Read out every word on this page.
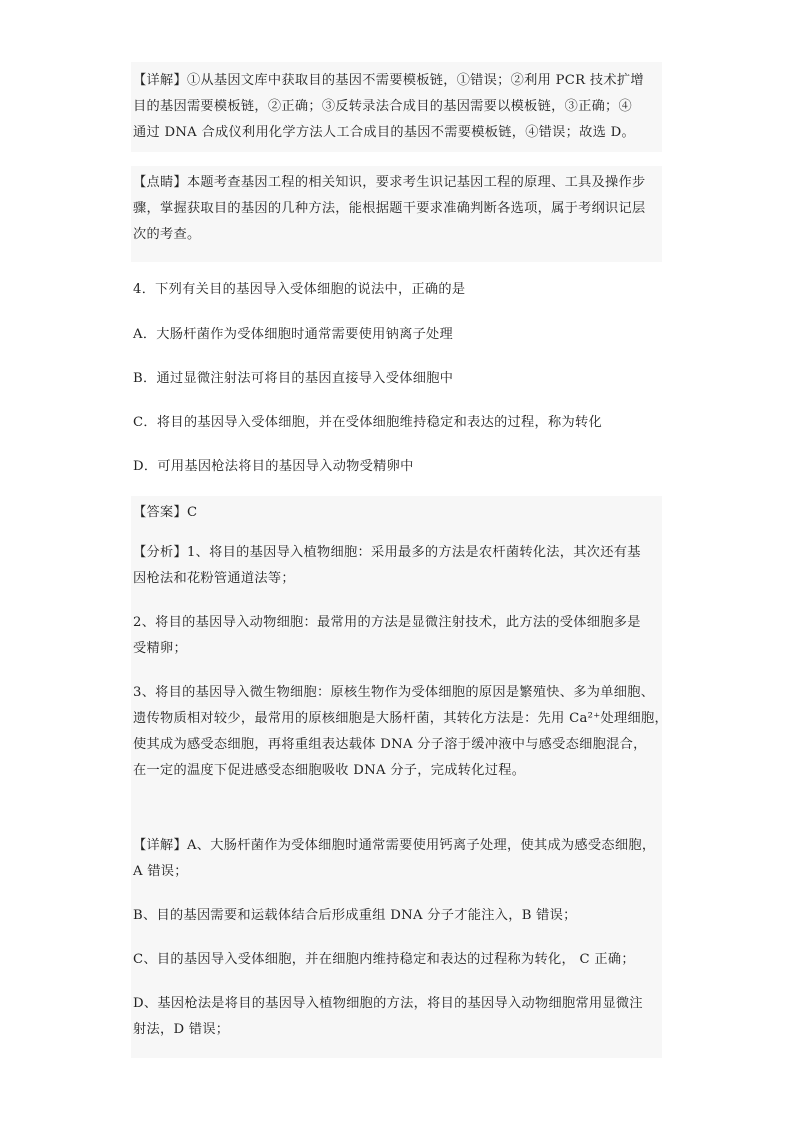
【详解】①从基因文库中获取目的基因不需要模板链，①错误；②利用 PCR 技术扩增
目的基因需要模板链，②正确；③反转录法合成目的基因需要以模板链，③正确；④
通过 DNA 合成仪利用化学方法人工合成目的基因不需要模板链，④错误；故选 D。
【点睛】本题考查基因工程的相关知识，要求考生识记基因工程的原理、工具及操作步
骤，掌握获取目的基因的几种方法，能根据题干要求准确判断各选项，属于考纲识记层
次的考查。
4．下列有关目的基因导入受体细胞的说法中，正确的是
A．大肠杆菌作为受体细胞时通常需要使用钠离子处理
B．通过显微注射法可将目的基因直接导入受体细胞中
C．将目的基因导入受体细胞，并在受体细胞维持稳定和表达的过程，称为转化
D．可用基因枪法将目的基因导入动物受精卵中
【答案】C
【分析】1、将目的基因导入植物细胞：采用最多的方法是农杆菌转化法，其次还有基
因枪法和花粉管通道法等；
2、将目的基因导入动物细胞：最常用的方法是显微注射技术，此方法的受体细胞多是
受精卵；
3、将目的基因导入微生物细胞：原核生物作为受体细胞的原因是繁殖快、多为单细胞、
遗传物质相对较少，最常用的原核细胞是大肠杆菌，其转化方法是：先用 Ca²⁺处理细胞，
使其成为感受态细胞，再将重组表达载体 DNA 分子溶于缓冲液中与感受态细胞混合，
在一定的温度下促进感受态细胞吸收 DNA 分子，完成转化过程。
【详解】A、大肠杆菌作为受体细胞时通常需要使用钙离子处理，使其成为感受态细胞，
A 错误；
B、目的基因需要和运载体结合后形成重组 DNA 分子才能注入，B 错误；
C、目的基因导入受体细胞，并在细胞内维持稳定和表达的过程称为转化， C 正确；
D、基因枪法是将目的基因导入植物细胞的方法，将目的基因导入动物细胞常用显微注
射法，D 错误；
